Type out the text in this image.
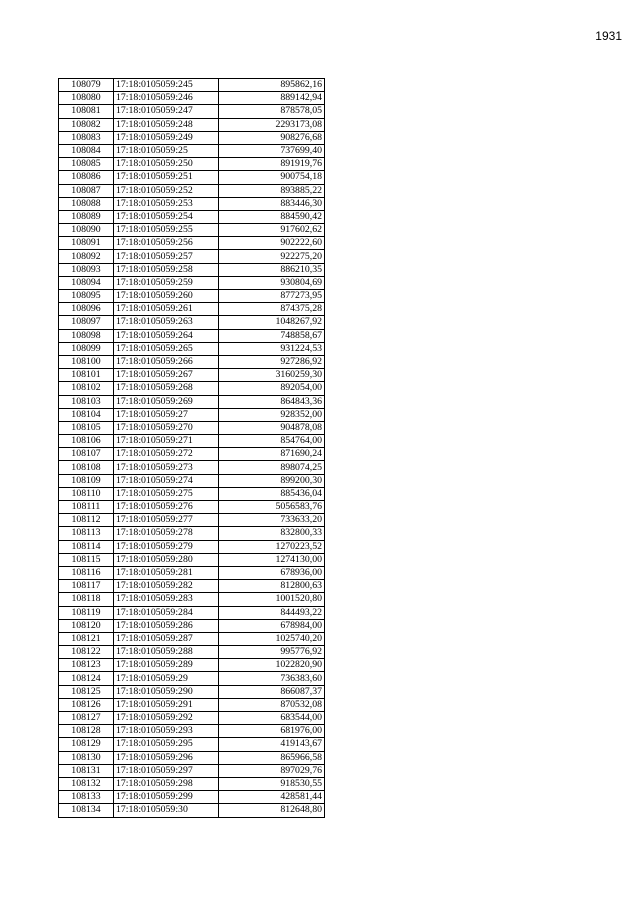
1931
108079	17:18:0105059:245	895862,16
108080	17:18:0105059:246	889142,94
108081	17:18:0105059:247	878578,05
108082	17:18:0105059:248	2293173,08
108083	17:18:0105059:249	908276,68
108084	17:18:0105059:25	737699,40
108085	17:18:0105059:250	891919,76
108086	17:18:0105059:251	900754,18
108087	17:18:0105059:252	893885,22
108088	17:18:0105059:253	883446,30
108089	17:18:0105059:254	884590,42
108090	17:18:0105059:255	917602,62
108091	17:18:0105059:256	902222,60
108092	17:18:0105059:257	922275,20
108093	17:18:0105059:258	886210,35
108094	17:18:0105059:259	930804,69
108095	17:18:0105059:260	877273,95
108096	17:18:0105059:261	874375,28
108097	17:18:0105059:263	1048267,92
108098	17:18:0105059:264	748858,67
108099	17:18:0105059:265	931224,53
108100	17:18:0105059:266	927286,92
108101	17:18:0105059:267	3160259,30
108102	17:18:0105059:268	892054,00
108103	17:18:0105059:269	864843,36
108104	17:18:0105059:27	928352,00
108105	17:18:0105059:270	904878,08
108106	17:18:0105059:271	854764,00
108107	17:18:0105059:272	871690,24
108108	17:18:0105059:273	898074,25
108109	17:18:0105059:274	899200,30
108110	17:18:0105059:275	885436,04
108111	17:18:0105059:276	5056583,76
108112	17:18:0105059:277	733633,20
108113	17:18:0105059:278	832800,33
108114	17:18:0105059:279	1270223,52
108115	17:18:0105059:280	1274130,00
108116	17:18:0105059:281	678936,00
108117	17:18:0105059:282	812800,63
108118	17:18:0105059:283	1001520,80
108119	17:18:0105059:284	844493,22
108120	17:18:0105059:286	678984,00
108121	17:18:0105059:287	1025740,20
108122	17:18:0105059:288	995776,92
108123	17:18:0105059:289	1022820,90
108124	17:18:0105059:29	736383,60
108125	17:18:0105059:290	866087,37
108126	17:18:0105059:291	870532,08
108127	17:18:0105059:292	683544,00
108128	17:18:0105059:293	681976,00
108129	17:18:0105059:295	419143,67
108130	17:18:0105059:296	865966,58
108131	17:18:0105059:297	897029,76
108132	17:18:0105059:298	918530,55
108133	17:18:0105059:299	428581,44
108134	17:18:0105059:30	812648,80
